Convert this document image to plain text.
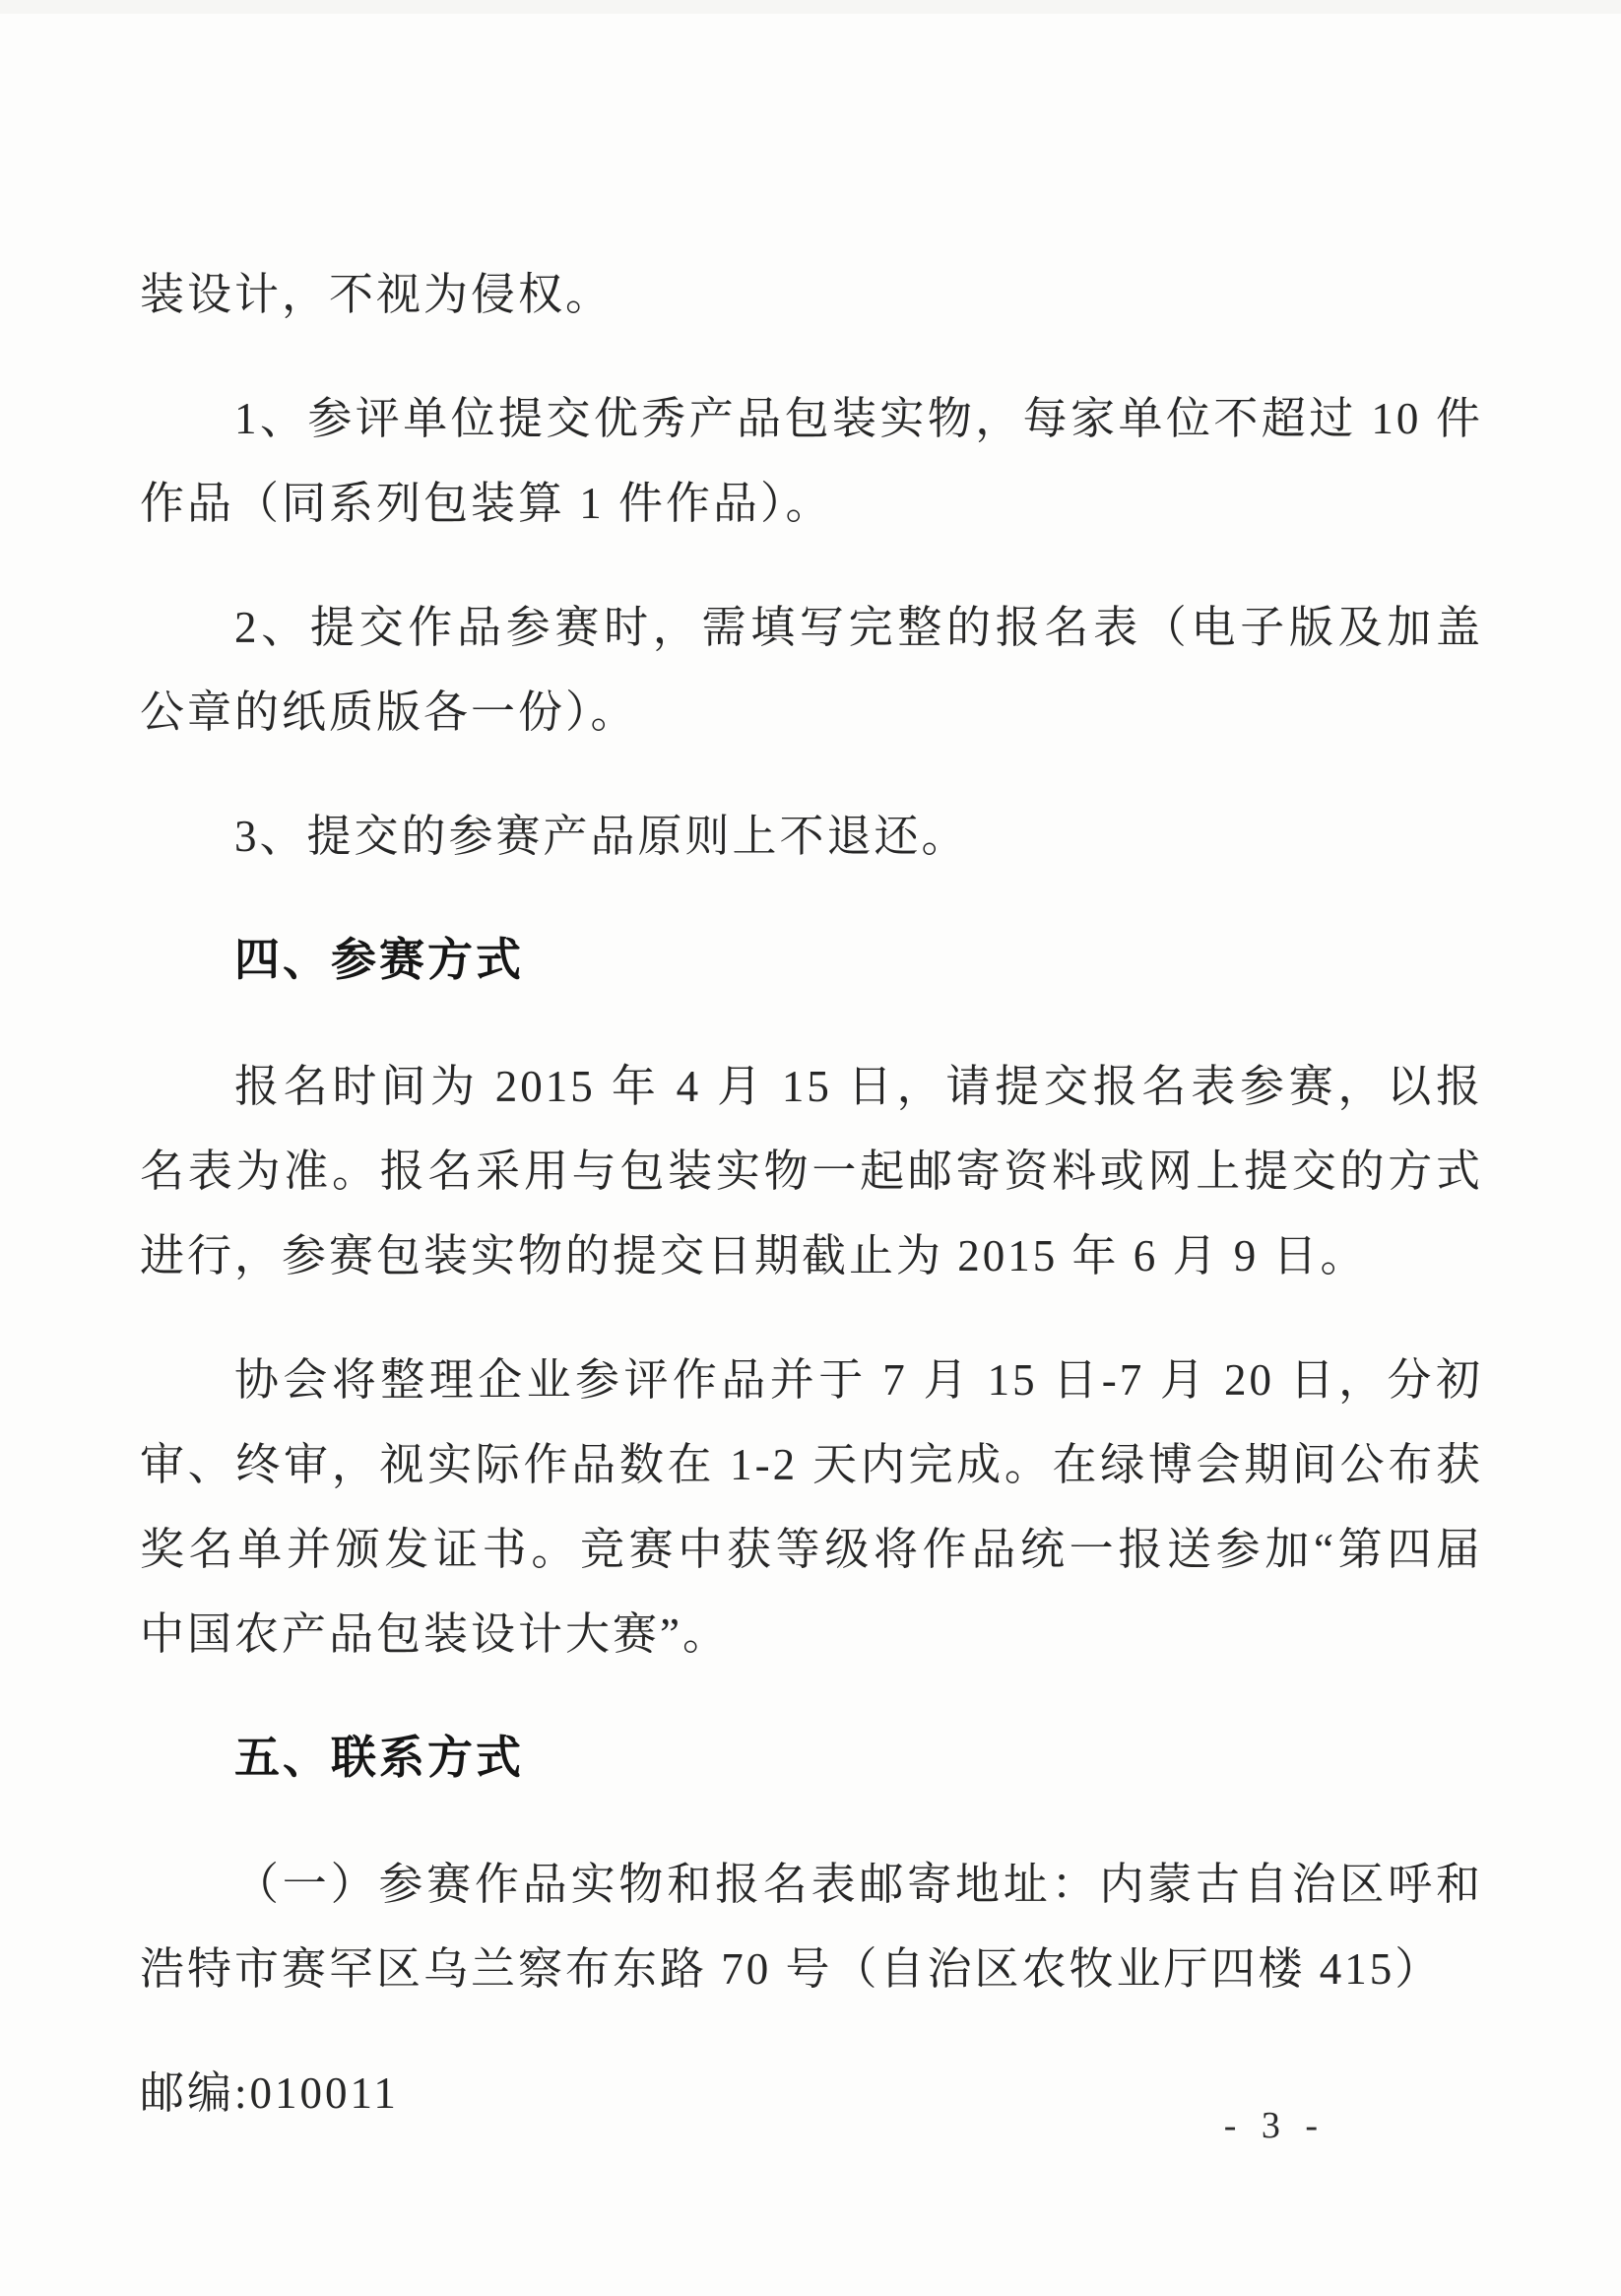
装设计，不视为侵权。

1、参评单位提交优秀产品包装实物，每家单位不超过 10 件作品（同系列包装算 1 件作品）。

2、提交作品参赛时，需填写完整的报名表（电子版及加盖公章的纸质版各一份）。

3、提交的参赛产品原则上不退还。

四、参赛方式

报名时间为 2015 年 4 月 15 日，请提交报名表参赛，以报名表为准。报名采用与包装实物一起邮寄资料或网上提交的方式进行，参赛包装实物的提交日期截止为 2015 年 6 月 9 日。

协会将整理企业参评作品并于 7 月 15 日-7 月 20 日，分初审、终审，视实际作品数在 1-2 天内完成。在绿博会期间公布获奖名单并颁发证书。竞赛中获等级将作品统一报送参加“第四届中国农产品包装设计大赛”。

五、联系方式

（一）参赛作品实物和报名表邮寄地址：内蒙古自治区呼和浩特市赛罕区乌兰察布东路 70 号（自治区农牧业厅四楼 415）

邮编:010011

- 3 -
